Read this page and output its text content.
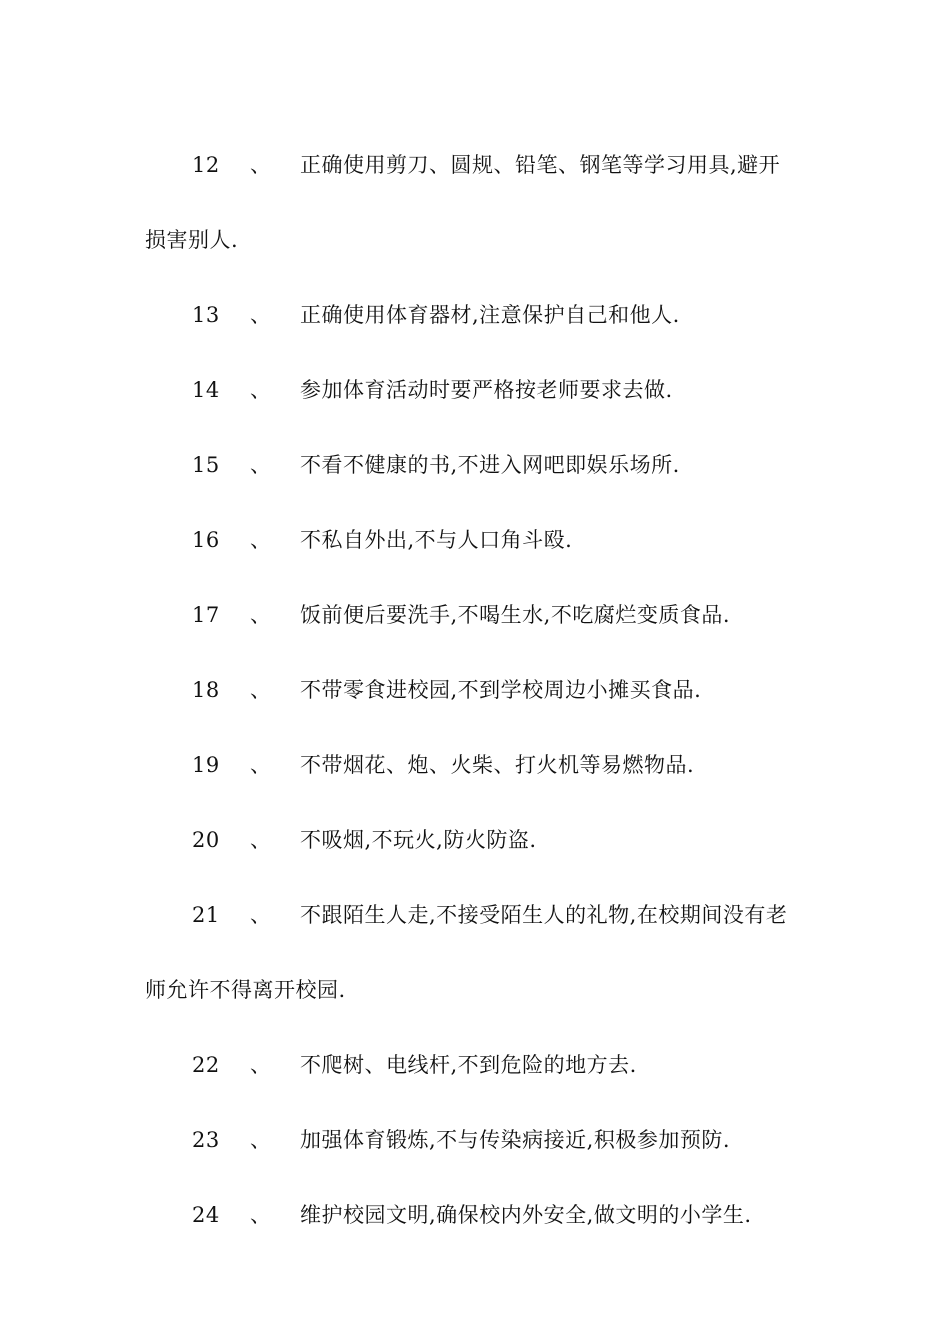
12 、 正确使用剪刀、圆规、铅笔、钢笔等学习用具,避开
损害别人.
13 、 正确使用体育器材,注意保护自己和他人.
14 、 参加体育活动时要严格按老师要求去做.
15 、 不看不健康的书,不进入网吧即娱乐场所.
16 、 不私自外出,不与人口角斗殴.
17 、 饭前便后要洗手,不喝生水,不吃腐烂变质食品.
18 、 不带零食进校园,不到学校周边小摊买食品.
19 、 不带烟花、炮、火柴、打火机等易燃物品.
20 、 不吸烟,不玩火,防火防盗.
21 、 不跟陌生人走,不接受陌生人的礼物,在校期间没有老
师允许不得离开校园.
22 、 不爬树、电线杆,不到危险的地方去.
23 、 加强体育锻炼,不与传染病接近,积极参加预防.
24 、 维护校园文明,确保校内外安全,做文明的小学生.
